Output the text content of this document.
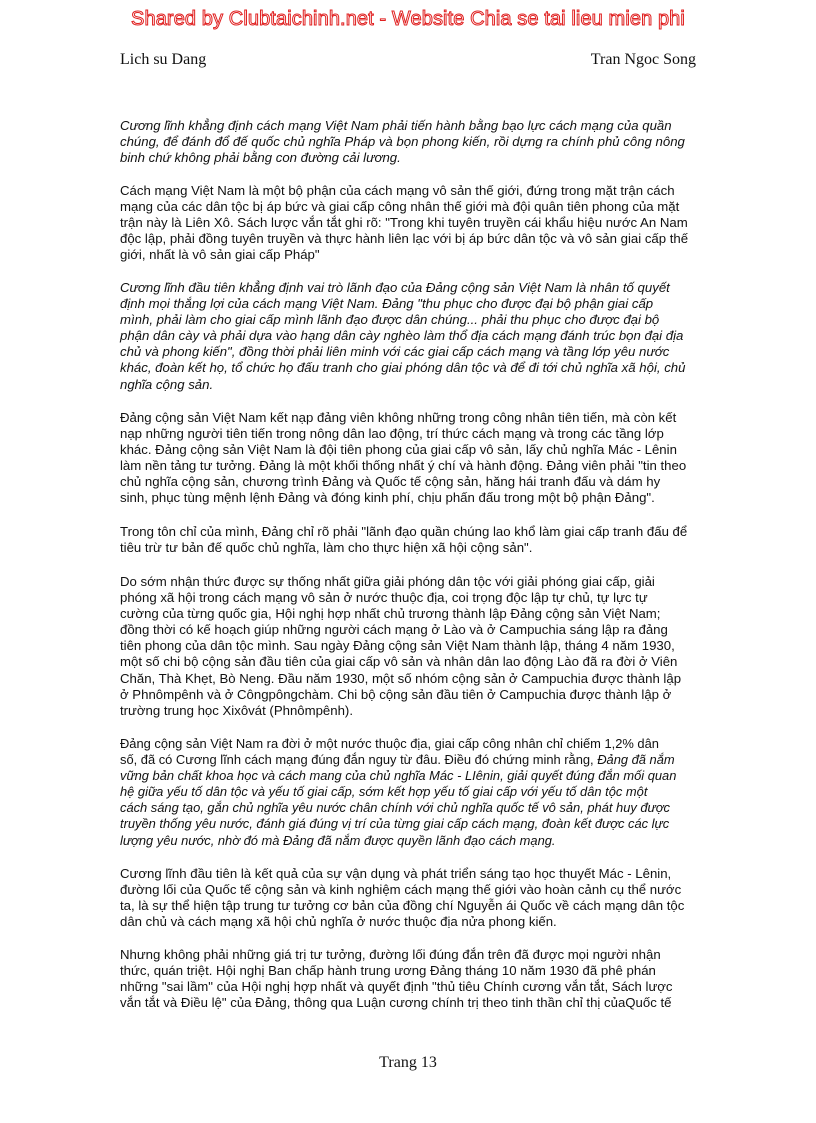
Shared by Clubtaichinh.net - Website Chia se tai lieu mien phi
Lich su Dang	Tran Ngoc Song
Cương lĩnh khẳng định cách mạng Việt Nam phải tiến hành bằng bạo lực cách mạng của quần
chúng, để đánh đổ đế quốc chủ nghĩa Pháp và bọn phong kiến, rồi dựng ra chính phủ công nông
binh chứ không phải bằng con đường cải lương.
Cách mạng Việt Nam là một bộ phận của cách mạng vô sản thế giới, đứng trong mặt trận cách
mạng của các dân tộc bị áp bức và giai cấp công nhân thế giới mà đội quân tiên phong của mặt
trận này là Liên Xô. Sách lược vắn tắt ghi rõ: "Trong khi tuyên truyền cái khẩu hiệu nước An Nam
độc lập, phải đồng tuyên truyền và thực hành liên lạc với bị áp bức dân tộc và vô sản giai cấp thế
giới, nhất là vô sản giai cấp Pháp"
Cương lĩnh đầu tiên khẳng định vai trò lãnh đạo của Đảng cộng sản Việt Nam là nhân tố quyết
định mọi thắng lợi của cách mạng Việt Nam. Đảng "thu phục cho được đại bộ phận giai cấp
mình, phải làm cho giai cấp mình lãnh đạo được dân chúng... phải thu phục cho được đại bộ
phận dân cày và phải dựa vào hạng dân cày nghèo làm thổ địa cách mạng đánh trúc bọn đại địa
chủ và phong kiến", đồng thời phải liên minh với các giai cấp cách mạng và tầng lớp yêu nước
khác, đoàn kết họ, tổ chức họ đấu tranh cho giai phóng dân tộc và để đi tới chủ nghĩa xã hội, chủ
nghĩa cộng sản.
Đảng cộng sản Việt Nam kết nạp đảng viên không những trong công nhân tiên tiến, mà còn kết
nạp những người tiên tiến trong nông dân lao động, trí thức cách mạng và trong các tầng lớp
khác. Đảng cộng sản Việt Nam là đội tiên phong của giai cấp vô sản, lấy chủ nghĩa Mác - Lênin
làm nền tảng tư tưởng. Đảng là một khối thống nhất ý chí và hành động. Đảng viên phải "tin theo
chủ nghĩa cộng sản, chương trình Đảng và Quốc tế cộng sản, hăng hái tranh đấu và dám hy
sinh, phục tùng mệnh lệnh Đảng và đóng kinh phí, chịu phấn đấu trong một bộ phận Đảng".
Trong tôn chỉ của mình, Đảng chỉ rõ phải "lãnh đạo quần chúng lao khổ làm giai cấp tranh đấu để
tiêu trừ tư bản đế quốc chủ nghĩa, làm cho thực hiện xã hội cộng sản".
Do sớm nhận thức được sự thống nhất giữa giải phóng dân tộc với giải phóng giai cấp, giải
phóng xã hội trong cách mạng vô sản ở nước thuộc địa, coi trọng độc lập tự chủ, tự lực tự
cường của từng quốc gia, Hội nghị hợp nhất chủ trương thành lập Đảng cộng sản Việt Nam;
đồng thời có kế hoạch giúp những người cách mạng ở Lào và ở Campuchia sáng lập ra đảng
tiên phong của dân tộc mình. Sau ngày Đảng cộng sản Việt Nam thành lập, tháng 4 năm 1930,
một số chi bộ cộng sản đầu tiên của giai cấp vô sản và nhân dân lao động Lào đã ra đời ở Viên
Chăn, Thà Khẹt, Bò Neng. Đầu năm 1930, một số nhóm cộng sản ở Campuchia được thành lập
ở Phnômpênh và ở Côngpôngchàm. Chi bộ cộng sản đầu tiên ở Campuchia được thành lập ở
trường trung học Xixôvát (Phnômpênh).
Đảng cộng sản Việt Nam ra đời ở một nước thuộc địa, giai cấp công nhân chỉ chiếm 1,2% dân
số, đã có Cương lĩnh cách mạng đúng đắn nguy từ đâu. Điều đó chứng minh rằng, Đảng đã nắm
vững bản chất khoa học và cách mang của chủ nghĩa Mác - LIênin, giải quyết đúng đắn mối quan
hệ giữa yếu tố dân tộc và yếu tố giai cấp, sớm kết hợp yếu tố giai cấp với yếu tố dân tộc một
cách sáng tạo, gắn chủ nghĩa yêu nước chân chính với chủ nghĩa quốc tế vô sản, phát huy được
truyền thống yêu nước, đánh giá đúng vị trí của từng giai cấp cách mạng, đoàn kết được các lực
lượng yêu nước, nhờ đó mà Đảng đã nắm được quyền lãnh đạo cách mạng.
Cương lĩnh đầu tiên là kết quả của sự vận dụng và phát triển sáng tạo học thuyết Mác - Lênin,
đường lối của Quốc tế cộng sản và kinh nghiệm cách mạng thế giới vào hoàn cảnh cụ thể nước
ta, là sự thể hiện tập trung tư tưởng cơ bản của đồng chí Nguyễn ái Quốc về cách mạng dân tộc
dân chủ và cách mạng xã hội chủ nghĩa ở nước thuộc địa nửa phong kiến.
Nhưng không phải những giá trị tư tưởng, đường lối đúng đắn trên đã được mọi người nhận
thức, quán triệt. Hội nghị Ban chấp hành trung ương Đảng tháng 10 năm 1930 đã phê phán
những "sai lầm" của Hội nghị hợp nhất và quyết định "thủ tiêu Chính cương vắn tắt, Sách lược
vắn tắt và Điều lệ" của Đảng, thông qua Luận cương chính trị theo tinh thần chỉ thị củaQuốc tế
Trang 13
